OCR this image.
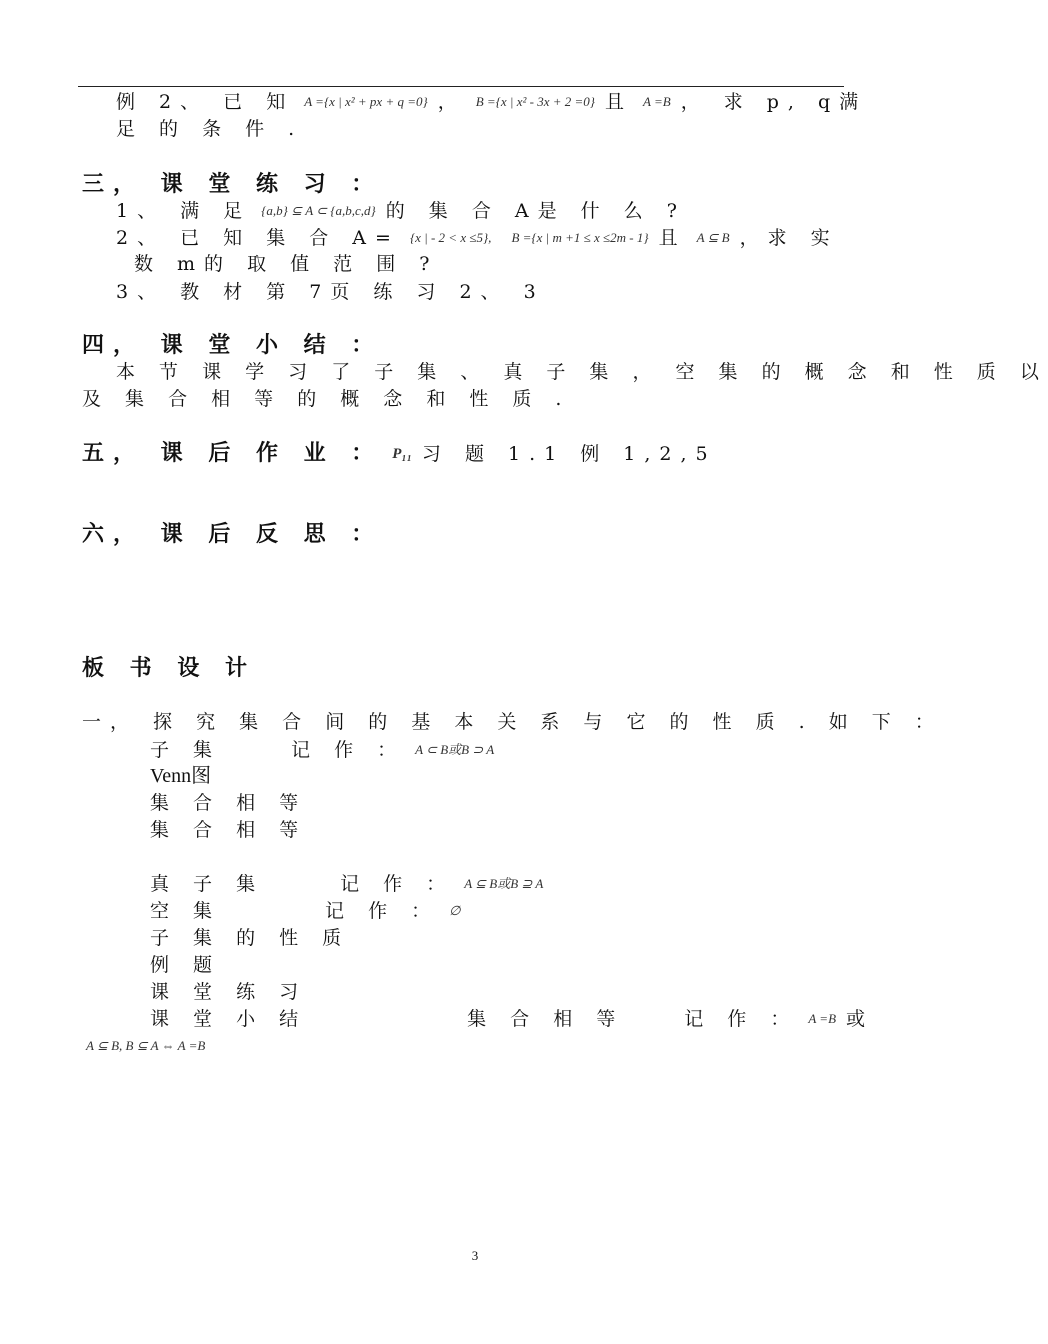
例 2、 已 知 A ={x | x² + px + q =0} ， B ={x | x² - 3x + 2 =0} 且 A =B ， 求 p, q满
足 的 条 件 .
三， 课 堂 练 习 ：
1、 满 足 {a,b} ⊆ A ⊂ {a,b,c,d} 的 集 合 A是 什 么 ?
2、 已 知 集 合 A= {x | - 2 < x ≤5}, B ={x | m +1 ≤ x ≤2m - 1} 且 A ⊆ B ，求 实
数 m的 取 值 范 围 ?
3、 教 材 第 7页 练 习 2、 3
四， 课 堂 小 结 ：
本 节 课 学 习 了 子 集 、 真 子 集 ， 空 集 的 概 念 和 性 质 以
及 集 合 相 等 的 概 念 和 性 质 .
五， 课 后 作 业 ： P₁₁ 习 题 1.1 例 1,2,5
六， 课 后 反 思 ：
板 书 设 计
一， 探 究 集 合 间 的 基 本 关 系 与 它 的 性 质 . 如 下 ：
子 集	记 作 ： A ⊂ B或B ⊃ A
Venn图
集 合 相 等
集 合 相 等
真 子 集	记 作 ： A ⊆ B或B ⊇ A
空 集	记 作 ： ∅
子 集 的 性 质
例 题
课 堂 练 习
课 堂 小 结	集 合 相 等	记 作 ： A =B 或
A ⊆ B, B ⊆ A ⇔ A =B
3
